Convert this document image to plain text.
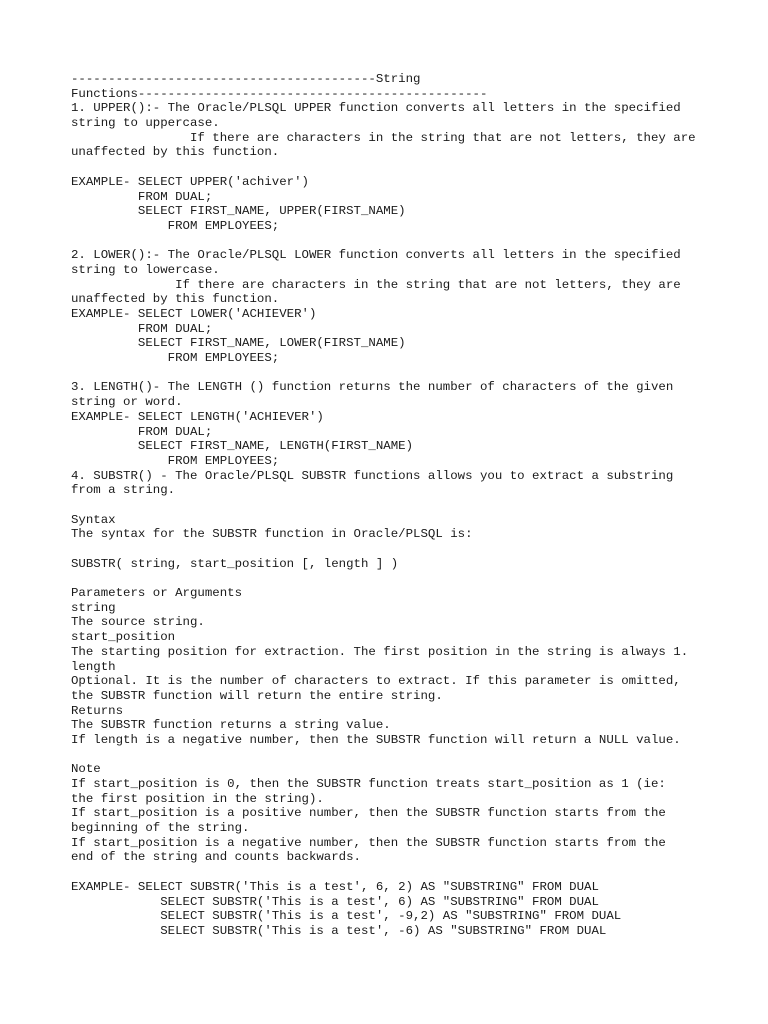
-----------------------------------------String
Functions-----------------------------------------------
1. UPPER():- The Oracle/PLSQL UPPER function converts all letters in the specified
string to uppercase.
If there are characters in the string that are not letters, they are
unaffected by this function.
EXAMPLE- SELECT UPPER('achiver')
FROM DUAL;
SELECT FIRST_NAME, UPPER(FIRST_NAME)
FROM EMPLOYEES;
2. LOWER():- The Oracle/PLSQL LOWER function converts all letters in the specified
string to lowercase.
If there are characters in the string that are not letters, they are
unaffected by this function.
EXAMPLE- SELECT LOWER('ACHIEVER')
FROM DUAL;
SELECT FIRST_NAME, LOWER(FIRST_NAME)
FROM EMPLOYEES;
3. LENGTH()- The LENGTH () function returns the number of characters of the given
string or word.
EXAMPLE- SELECT LENGTH('ACHIEVER')
FROM DUAL;
SELECT FIRST_NAME, LENGTH(FIRST_NAME)
FROM EMPLOYEES;
4. SUBSTR() - The Oracle/PLSQL SUBSTR functions allows you to extract a substring
from a string.
Syntax
The syntax for the SUBSTR function in Oracle/PLSQL is:
SUBSTR( string, start_position [, length ] )
Parameters or Arguments
string
The source string.
start_position
The starting position for extraction. The first position in the string is always 1.
length
Optional. It is the number of characters to extract. If this parameter is omitted,
the SUBSTR function will return the entire string.
Returns
The SUBSTR function returns a string value.
If length is a negative number, then the SUBSTR function will return a NULL value.
Note
If start_position is 0, then the SUBSTR function treats start_position as 1 (ie:
the first position in the string).
If start_position is a positive number, then the SUBSTR function starts from the
beginning of the string.
If start_position is a negative number, then the SUBSTR function starts from the
end of the string and counts backwards.
EXAMPLE- SELECT SUBSTR('This is a test', 6, 2) AS "SUBSTRING" FROM DUAL
SELECT SUBSTR('This is a test', 6) AS "SUBSTRING" FROM DUAL
SELECT SUBSTR('This is a test', -9,2) AS "SUBSTRING" FROM DUAL
SELECT SUBSTR('This is a test', -6) AS "SUBSTRING" FROM DUAL
